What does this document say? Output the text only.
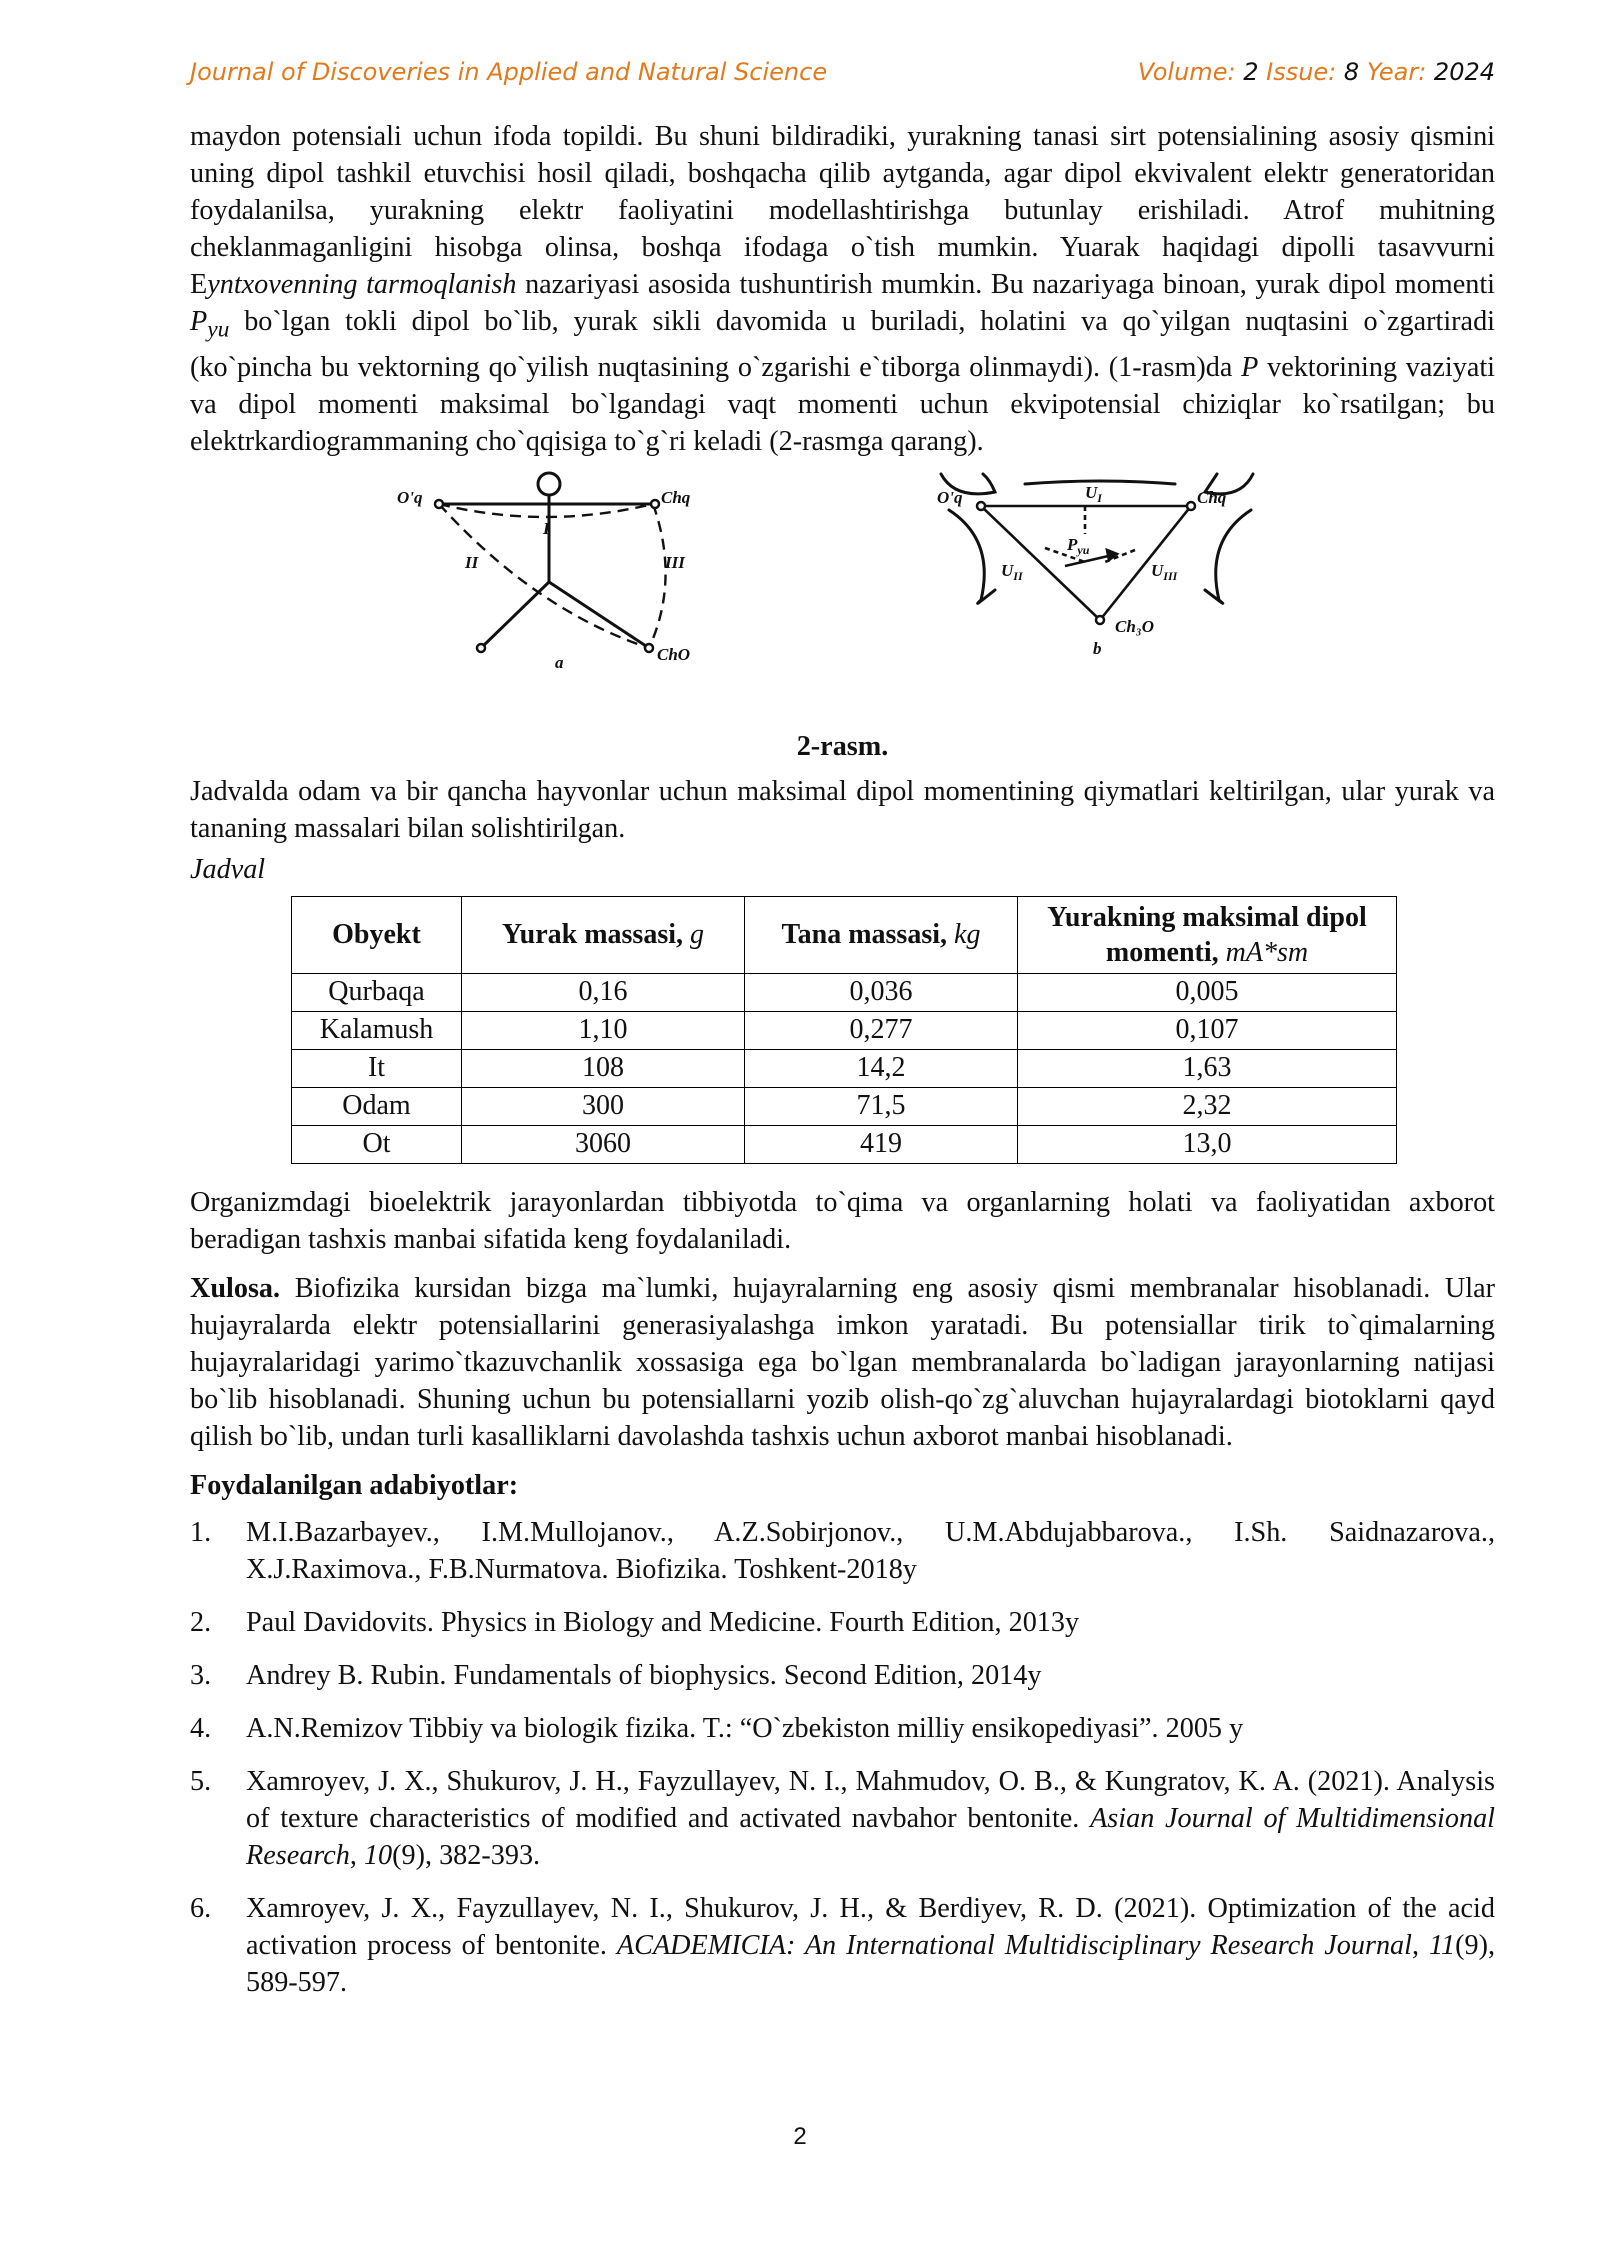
Journal of Discoveries in Applied and Natural Science	Volume: 2 Issue: 8 Year: 2024

maydon potensiali uchun ifoda topildi. Bu shuni bildiradiki, yurakning tanasi sirt potensialining asosiy qismini uning dipol tashkil etuvchisi hosil qiladi, boshqacha qilib aytganda, agar dipol ekvivalent elektr generatoridan foydalanilsa, yurakning elektr faoliyatini modellashtirishga butunlay erishiladi. Atrof muhitning cheklanmaganligini hisobga olinsa, boshqa ifodaga o`tish mumkin. Yuarak haqidagi dipolli tasavvurni Eyntxovenning tarmoqlanish nazariyasi asosida tushuntirish mumkin. Bu nazariyaga binoan, yurak dipol momenti $P_{yu}$ bo`lgan tokli dipol bo`lib, yurak sikli davomida u buriladi, holatini va qo`yilgan nuqtasini o`zgartiradi (ko`pincha bu vektorning qo`yilish nuqtasining o`zgarishi e`tiborga olinmaydi). (1-rasm)da P vektorining vaziyati va dipol momenti maksimal bo`lgandagi vaqt momenti uchun ekvipotensial chiziqlar ko`rsatilgan; bu elektrkardiogrammaning cho`qqisiga to`g`ri keladi (2-rasmga qarang).

O'q	Chq
ChO
I
II	III
a
O'q	Chq
Ch₃O
$U_I$
$U_{II}$	$U_{III}$
$P_{yu}$
b
2-rasm.

Jadvalda odam va bir qancha hayvonlar uchun maksimal dipol momentining qiymatlari keltirilgan, ular yurak va tananing massalari bilan solishtirilgan.

Jadval
Obyekt	Yurak massasi, g	Tana massasi, kg	Yurakning maksimal dipol momenti, mA*sm
Qurbaqa	0,16	0,036	0,005
Kalamush	1,10	0,277	0,107
It	108	14,2	1,63
Odam	300	71,5	2,32
Ot	3060	419	13,0

Organizmdagi bioelektrik jarayonlardan tibbiyotda to`qima va organlarning holati va faoliyatidan axborot beradigan tashxis manbai sifatida keng foydalaniladi.

Xulosa. Biofizika kursidan bizga ma`lumki, hujayralarning eng asosiy qismi membranalar hisoblanadi. Ular hujayralarda elektr potensiallarini generasiyalashga imkon yaratadi. Bu potensiallar tirik to`qimalarning hujayralaridagi yarimo`tkazuvchanlik xossasiga ega bo`lgan membranalarda bo`ladigan jarayonlarning natijasi bo`lib hisoblanadi. Shuning uchun bu potensiallarni yozib olish-qo`zg`aluvchan hujayralardagi biotoklarni qayd qilish bo`lib, undan turli kasalliklarni davolashda tashxis uchun axborot manbai hisoblanadi.

Foydalanilgan adabiyotlar:
1. M.I.Bazarbayev., I.M.Mullojanov., A.Z.Sobirjonov., U.M.Abdujabbarova., I.Sh. Saidnazarova., X.J.Raximova., F.B.Nurmatova. Biofizika. Toshkent-2018y
2. Paul Davidovits. Physics in Biology and Medicine. Fourth Edition, 2013y
3. Andrey B. Rubin. Fundamentals of biophysics. Second Edition, 2014y
4. A.N.Remizov Tibbiy va biologik fizika. T.: “O`zbekiston milliy ensikopediyasi”. 2005 y
5. Xamroyev, J. X., Shukurov, J. H., Fayzullayev, N. I., Mahmudov, O. B., & Kungratov, K. A. (2021). Analysis of texture characteristics of modified and activated navbahor bentonite. Asian Journal of Multidimensional Research, 10(9), 382-393.
6. Xamroyev, J. X., Fayzullayev, N. I., Shukurov, J. H., & Berdiyev, R. D. (2021). Optimization of the acid activation process of bentonite. ACADEMICIA: An International Multidisciplinary Research Journal, 11(9), 589-597.
2
